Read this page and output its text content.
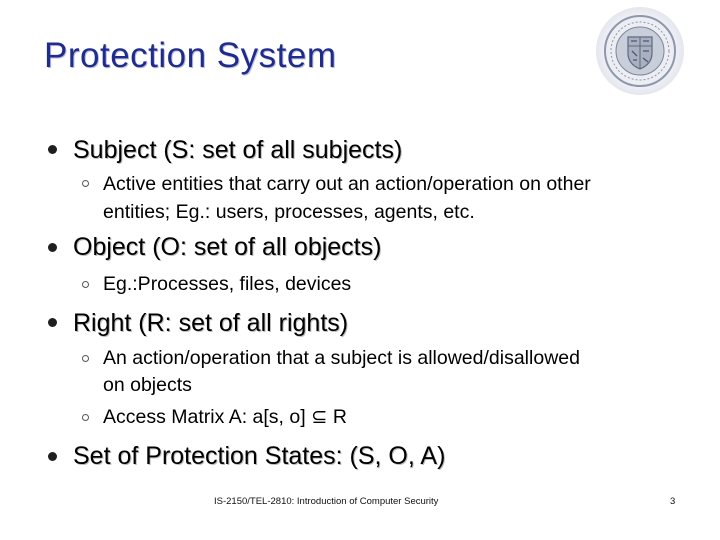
Protection System
Subject (S: set of all subjects)
Active entities that carry out an action/operation on other
entities; Eg.: users, processes, agents, etc.
Object (O: set of all objects)
Eg.:Processes, files, devices
Right (R: set of all rights)
An action/operation that a subject is allowed/disallowed
on objects
Access Matrix A: a[s, o] ⊆ R
Set of Protection States: (S, O, A)
IS-2150/TEL-2810: Introduction of Computer Security	3
